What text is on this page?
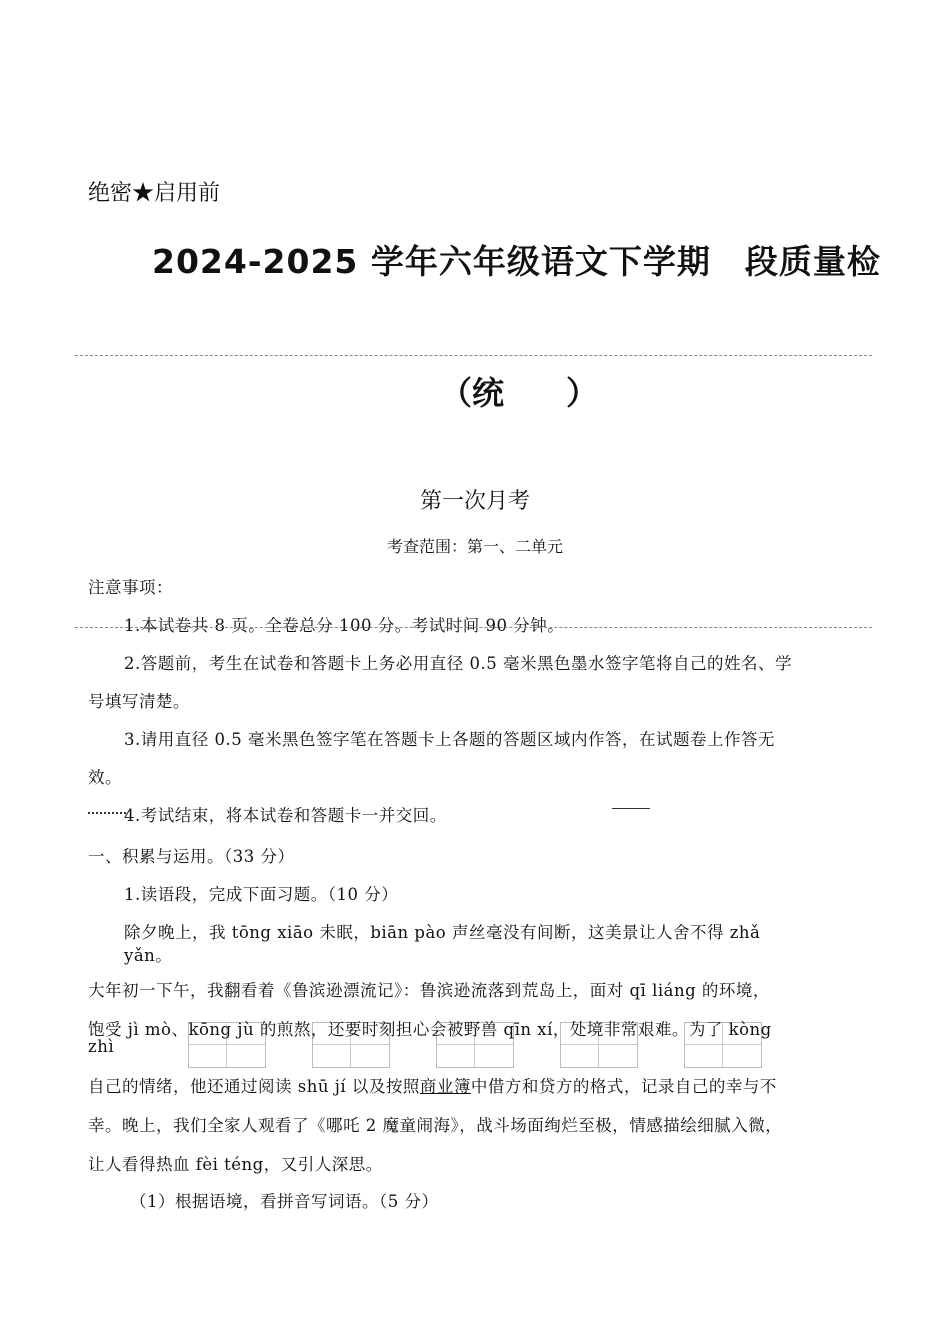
绝密★启用前
2024-2025 学年六年级语文下学期　段质量检
（统 ）
第一次月考
考查范围：第一、二单元
注意事项：
1.本试卷共 8 页。全卷总分 100 分。考试时间 90 分钟。
2.答题前，考生在试卷和答题卡上务必用直径 0.5 毫米黑色墨水签字笔将自己的姓名、学
号填写清楚。
3.请用直径 0.5 毫米黑色签字笔在答题卡上各题的答题区域内作答，在试题卷上作答无
效。
4.考试结束，将本试卷和答题卡一并交回。
一、积累与运用。（33 分）
1.读语段，完成下面习题。（10 分）
除夕晚上，我 tōng xiāo 未眠，biān pào 声丝毫没有间断，这美景让人舍不得 zhǎ
yǎn。
大年初一下午，我翻看着《鲁滨逊漂流记》：鲁滨逊流落到荒岛上，面对 qī liáng 的环境，
饱受 jì mò、kōng jù 的煎熬，还要时刻担心会被野兽 qīn xí，处境非常艰难。为了 kòng
zhì
自己的情绪，他还通过阅读 shū jí 以及按照商业簿中借方和贷方的格式，记录自己的幸与不
幸。晚上，我们全家人观看了《哪吒 2 魔童闹海》，战斗场面绚烂至极，情感描绘细腻入微，
让人看得热血 fèi téng，又引人深思。
（1）根据语境，看拼音写词语。（5 分）
